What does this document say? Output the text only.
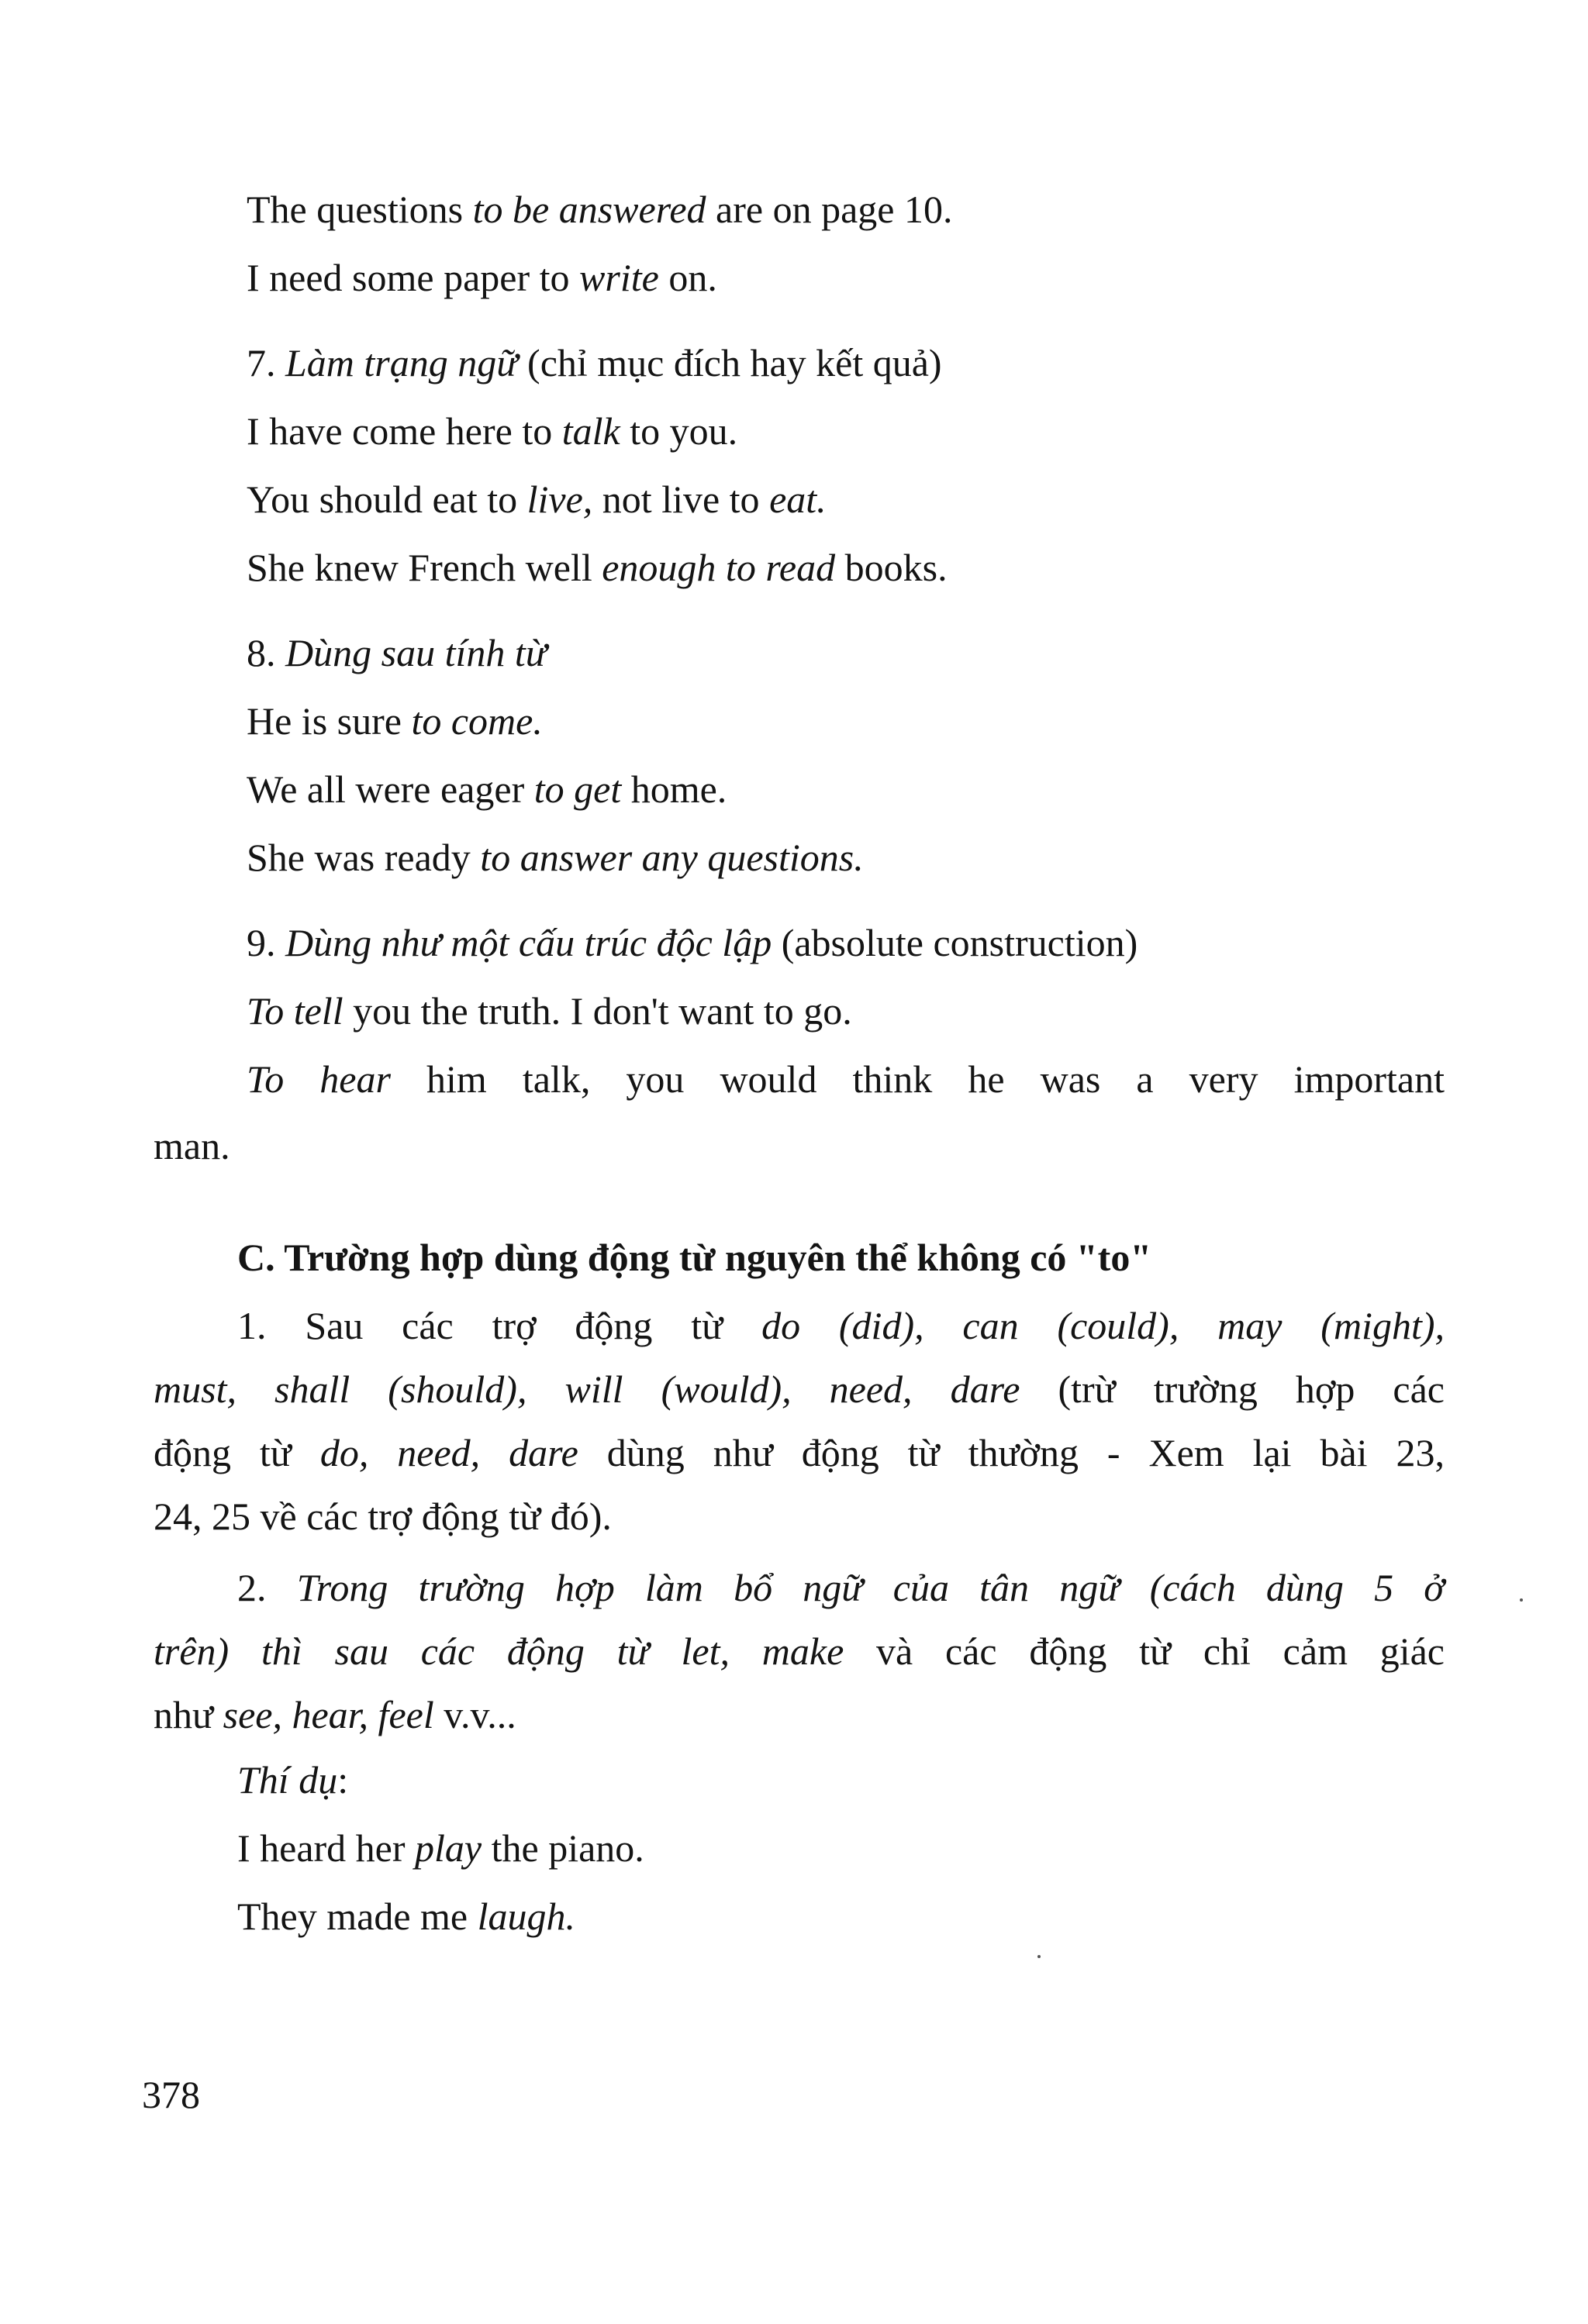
The questions to be answered are on page 10.
I need some paper to write on.
7. Làm trạng ngữ (chỉ mục đích hay kết quả)
I have come here to talk to you.
You should eat to live, not live to eat.
She knew French well enough to read books.
8. Dùng sau tính từ
He is sure to come.
We all were eager to get home.
She was ready to answer any questions.
9. Dùng như một cấu trúc độc lập (absolute construction)
To tell you the truth. I don't want to go.
To hear him talk, you would think he was a very important
man.
C. Trường hợp dùng động từ nguyên thể không có "to"
1. Sau các trợ động từ do (did), can (could), may (might),
must, shall (should), will (would), need, dare (trừ trường hợp các
động từ do, need, dare dùng như động từ thường - Xem lại bài 23,
24, 25 về các trợ động từ đó).
2. Trong trường hợp làm bổ ngữ của tân ngữ (cách dùng 5 ở
trên) thì sau các động từ let, make và các động từ chỉ cảm giác
như see, hear, feel v.v...
Thí dụ:
I heard her play the piano.
They made me laugh.
378
